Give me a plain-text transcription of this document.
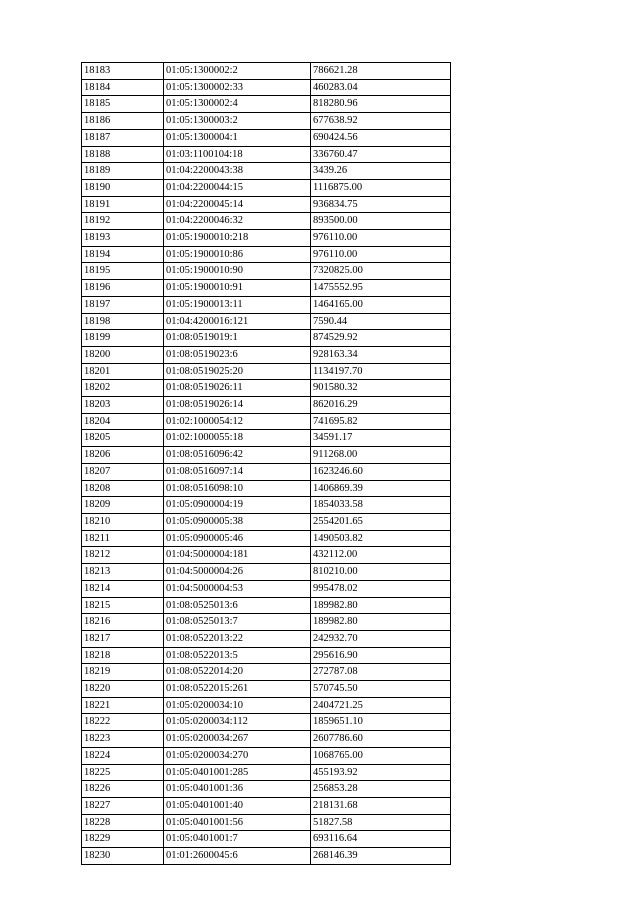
18183	01:05:1300002:2	786621.28
18184	01:05:1300002:33	460283.04
18185	01:05:1300002:4	818280.96
18186	01:05:1300003:2	677638.92
18187	01:05:1300004:1	690424.56
18188	01:03:1100104:18	336760.47
18189	01:04:2200043:38	3439.26
18190	01:04:2200044:15	1116875.00
18191	01:04:2200045:14	936834.75
18192	01:04:2200046:32	893500.00
18193	01:05:1900010:218	976110.00
18194	01:05:1900010:86	976110.00
18195	01:05:1900010:90	7320825.00
18196	01:05:1900010:91	1475552.95
18197	01:05:1900013:11	1464165.00
18198	01:04:4200016:121	7590.44
18199	01:08:0519019:1	874529.92
18200	01:08:0519023:6	928163.34
18201	01:08:0519025:20	1134197.70
18202	01:08:0519026:11	901580.32
18203	01:08:0519026:14	862016.29
18204	01:02:1000054:12	741695.82
18205	01:02:1000055:18	34591.17
18206	01:08:0516096:42	911268.00
18207	01:08:0516097:14	1623246.60
18208	01:08:0516098:10	1406869.39
18209	01:05:0900004:19	1854033.58
18210	01:05:0900005:38	2554201.65
18211	01:05:0900005:46	1490503.82
18212	01:04:5000004:181	432112.00
18213	01:04:5000004:26	810210.00
18214	01:04:5000004:53	995478.02
18215	01:08:0525013:6	189982.80
18216	01:08:0525013:7	189982.80
18217	01:08:0522013:22	242932.70
18218	01:08:0522013:5	295616.90
18219	01:08:0522014:20	272787.08
18220	01:08:0522015:261	570745.50
18221	01:05:0200034:10	2404721.25
18222	01:05:0200034:112	1859651.10
18223	01:05:0200034:267	2607786.60
18224	01:05:0200034:270	1068765.00
18225	01:05:0401001:285	455193.92
18226	01:05:0401001:36	256853.28
18227	01:05:0401001:40	218131.68
18228	01:05:0401001:56	51827.58
18229	01:05:0401001:7	693116.64
18230	01:01:2600045:6	268146.39
